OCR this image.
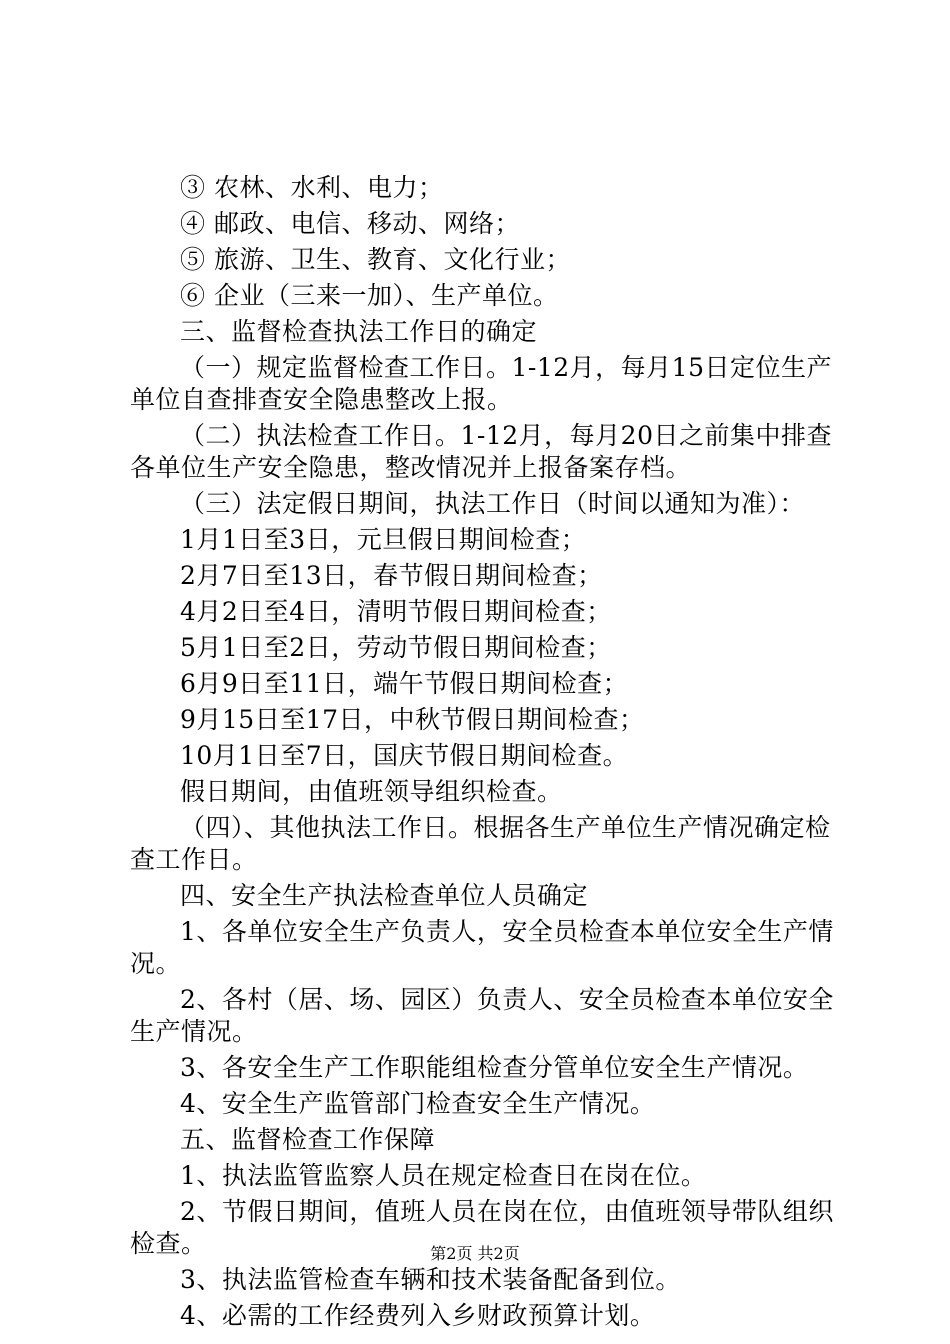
③ 农林、水利、电力；

④ 邮政、电信、移动、网络；

⑤ 旅游、卫生、教育、文化行业；

⑥ 企业（三来一加）、生产单位。

三、监督检查执法工作日的确定

（一）规定监督检查工作日。1-12月，每月15日定位生产单位自查排查安全隐患整改上报。

（二）执法检查工作日。1-12月，每月20日之前集中排查各单位生产安全隐患，整改情况并上报备案存档。

（三）法定假日期间，执法工作日（时间以通知为准）：

1月1日至3日，元旦假日期间检查；

2月7日至13日，春节假日期间检查；

4月2日至4日，清明节假日期间检查；

5月1日至2日，劳动节假日期间检查；

6月9日至11日，端午节假日期间检查；

9月15日至17日，中秋节假日期间检查；

10月1日至7日，国庆节假日期间检查。

假日期间，由值班领导组织检查。

（四）、其他执法工作日。根据各生产单位生产情况确定检查工作日。

四、安全生产执法检查单位人员确定

1、各单位安全生产负责人，安全员检查本单位安全生产情况。

2、各村（居、场、园区）负责人、安全员检查本单位安全生产情况。

3、各安全生产工作职能组检查分管单位安全生产情况。

4、安全生产监管部门检查安全生产情况。

五、监督检查工作保障

1、执法监管监察人员在规定检查日在岗在位。

2、节假日期间，值班人员在岗在位，由值班领导带队组织检查。

3、执法监管检查车辆和技术装备配备到位。

4、必需的工作经费列入乡财政预算计划。

第2页 共2页
